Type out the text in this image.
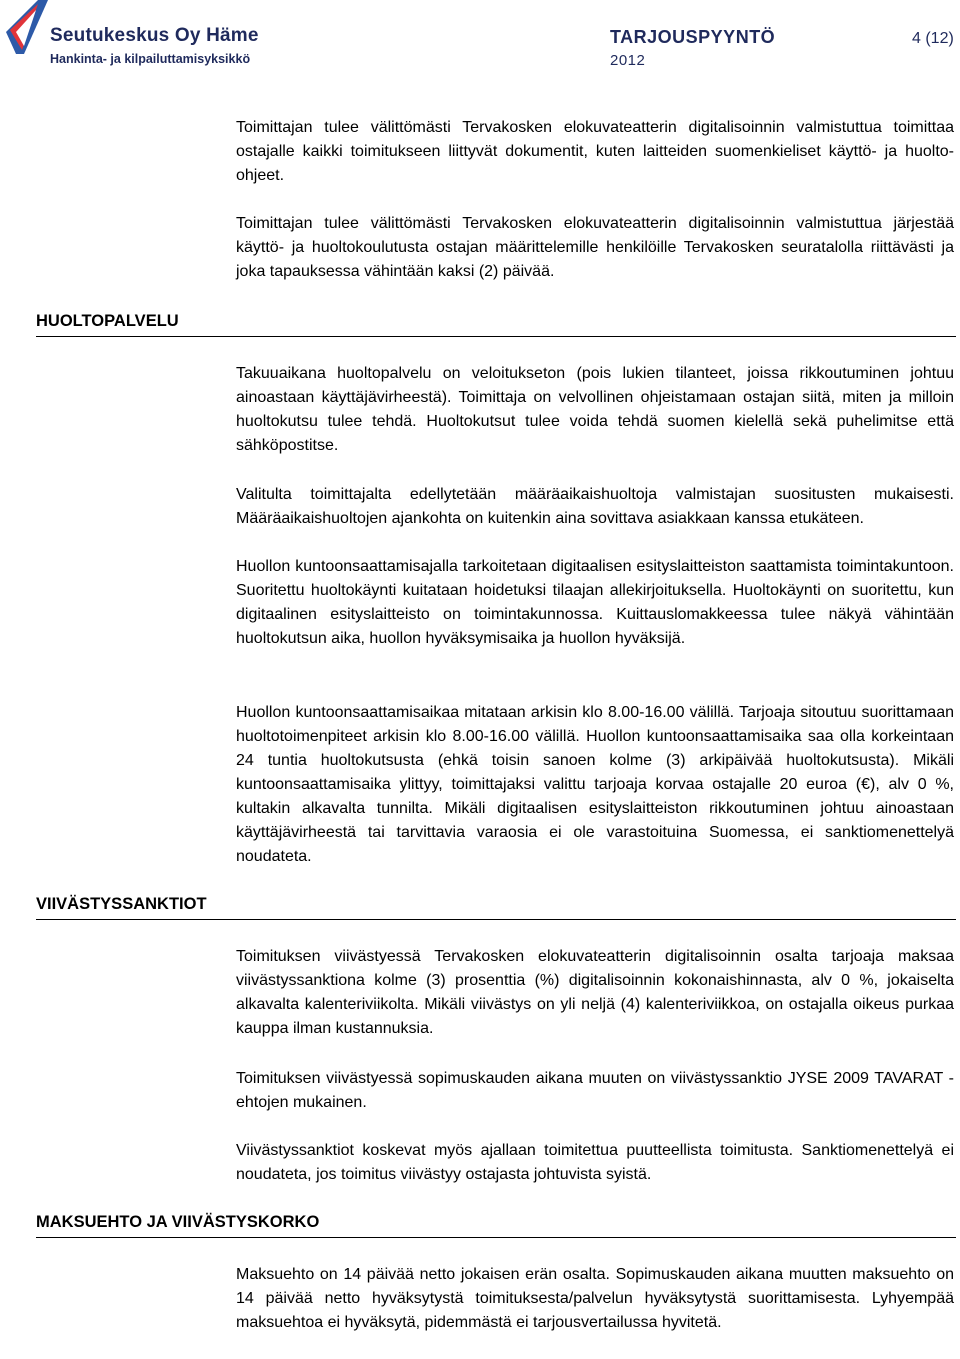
Seutukeskus Oy Häme
Hankinta- ja kilpailuttamisyksikkö
TARJOUSPYYNTÖ
2012
4 (12)
Toimittajan tulee välittömästi Tervakosken elokuvateatterin digitalisoinnin valmistuttua toimittaa ostajalle kaikki toimitukseen liittyvät dokumentit, kuten laitteiden suomenkieliset käyttö- ja huolto-ohjeet.
Toimittajan tulee välittömästi Tervakosken elokuvateatterin digitalisoinnin valmistuttua järjestää käyttö- ja huoltokoulutusta ostajan määrittelemille henkilöille Tervakosken seuratalolla riittävästi ja joka tapauksessa vähintään kaksi (2) päivää.
HUOLTOPALVELU
Takuuaikana huoltopalvelu on veloitukseton (pois lukien tilanteet, joissa rikkoutuminen johtuu ainoastaan käyttäjävirheestä). Toimittaja on velvollinen ohjeistamaan ostajan siitä, miten ja milloin huoltokutsu tulee tehdä. Huoltokutsut tulee voida tehdä suomen kielellä sekä puhelimitse että sähköpostitse.
Valitulta toimittajalta edellytetään määräaikaishuoltoja valmistajan suositusten mukaisesti. Määräaikaishuoltojen ajankohta on kuitenkin aina sovittava asiakkaan kanssa etukäteen.
Huollon kuntoonsaattamisajalla tarkoitetaan digitaalisen esityslaitteiston saattamista toimintakuntoon. Suoritettu huoltokäynti kuitataan hoidetuksi tilaajan allekirjoituksella. Huoltokäynti on suoritettu, kun digitaalinen esityslaitteisto on toimintakunnossa. Kuittauslomakkeessa tulee näkyä vähintään huoltokutsun aika, huollon hyväksymisaika ja huollon hyväksijä.
Huollon kuntoonsaattamisaikaa mitataan arkisin klo 8.00-16.00 välillä. Tarjoaja sitoutuu suorittamaan huoltotoimenpiteet arkisin klo 8.00-16.00 välillä. Huollon kuntoonsaattamisaika saa olla korkeintaan 24 tuntia huoltokutsusta (ehkä toisin sanoen kolme (3) arkipäivää huoltokutsusta). Mikäli kuntoonsaattamisaika ylittyy, toimittajaksi valittu tarjoaja korvaa ostajalle 20 euroa (€), alv 0 %, kultakin alkavalta tunnilta. Mikäli digitaalisen esityslaitteiston rikkoutuminen johtuu ainoastaan käyttäjävirheestä tai tarvittavia varaosia ei ole varastoituina Suomessa, ei sanktiomenettelyä noudateta.
VIIVÄSTYSSANKTIOT
Toimituksen viivästyessä Tervakosken elokuvateatterin digitalisoinnin osalta tarjoaja maksaa viivästyssanktiona kolme (3) prosenttia (%) digitalisoinnin kokonaishinnasta, alv 0 %, jokaiselta alkavalta kalenteriviikolta. Mikäli viivästys on yli neljä (4) kalenteriviikkoa, on ostajalla oikeus purkaa kauppa ilman kustannuksia.
Toimituksen viivästyessä sopimuskauden aikana muuten on viivästyssanktio JYSE 2009 TAVARAT -ehtojen mukainen.
Viivästyssanktiot koskevat myös ajallaan toimitettua puutteellista toimitusta. Sanktiomenettelyä ei noudateta, jos toimitus viivästyy ostajasta johtuvista syistä.
MAKSUEHTO JA VIIVÄSTYSKORKO
Maksuehto on 14 päivää netto jokaisen erän osalta. Sopimuskauden aikana muutten maksuehto on 14 päivää netto hyväksytystä toimituksesta/palvelun hyväksytystä suorittamisesta. Lyhyempää maksuehtoa ei hyväksytä, pidemmästä ei tarjousvertailussa hyvitetä.
